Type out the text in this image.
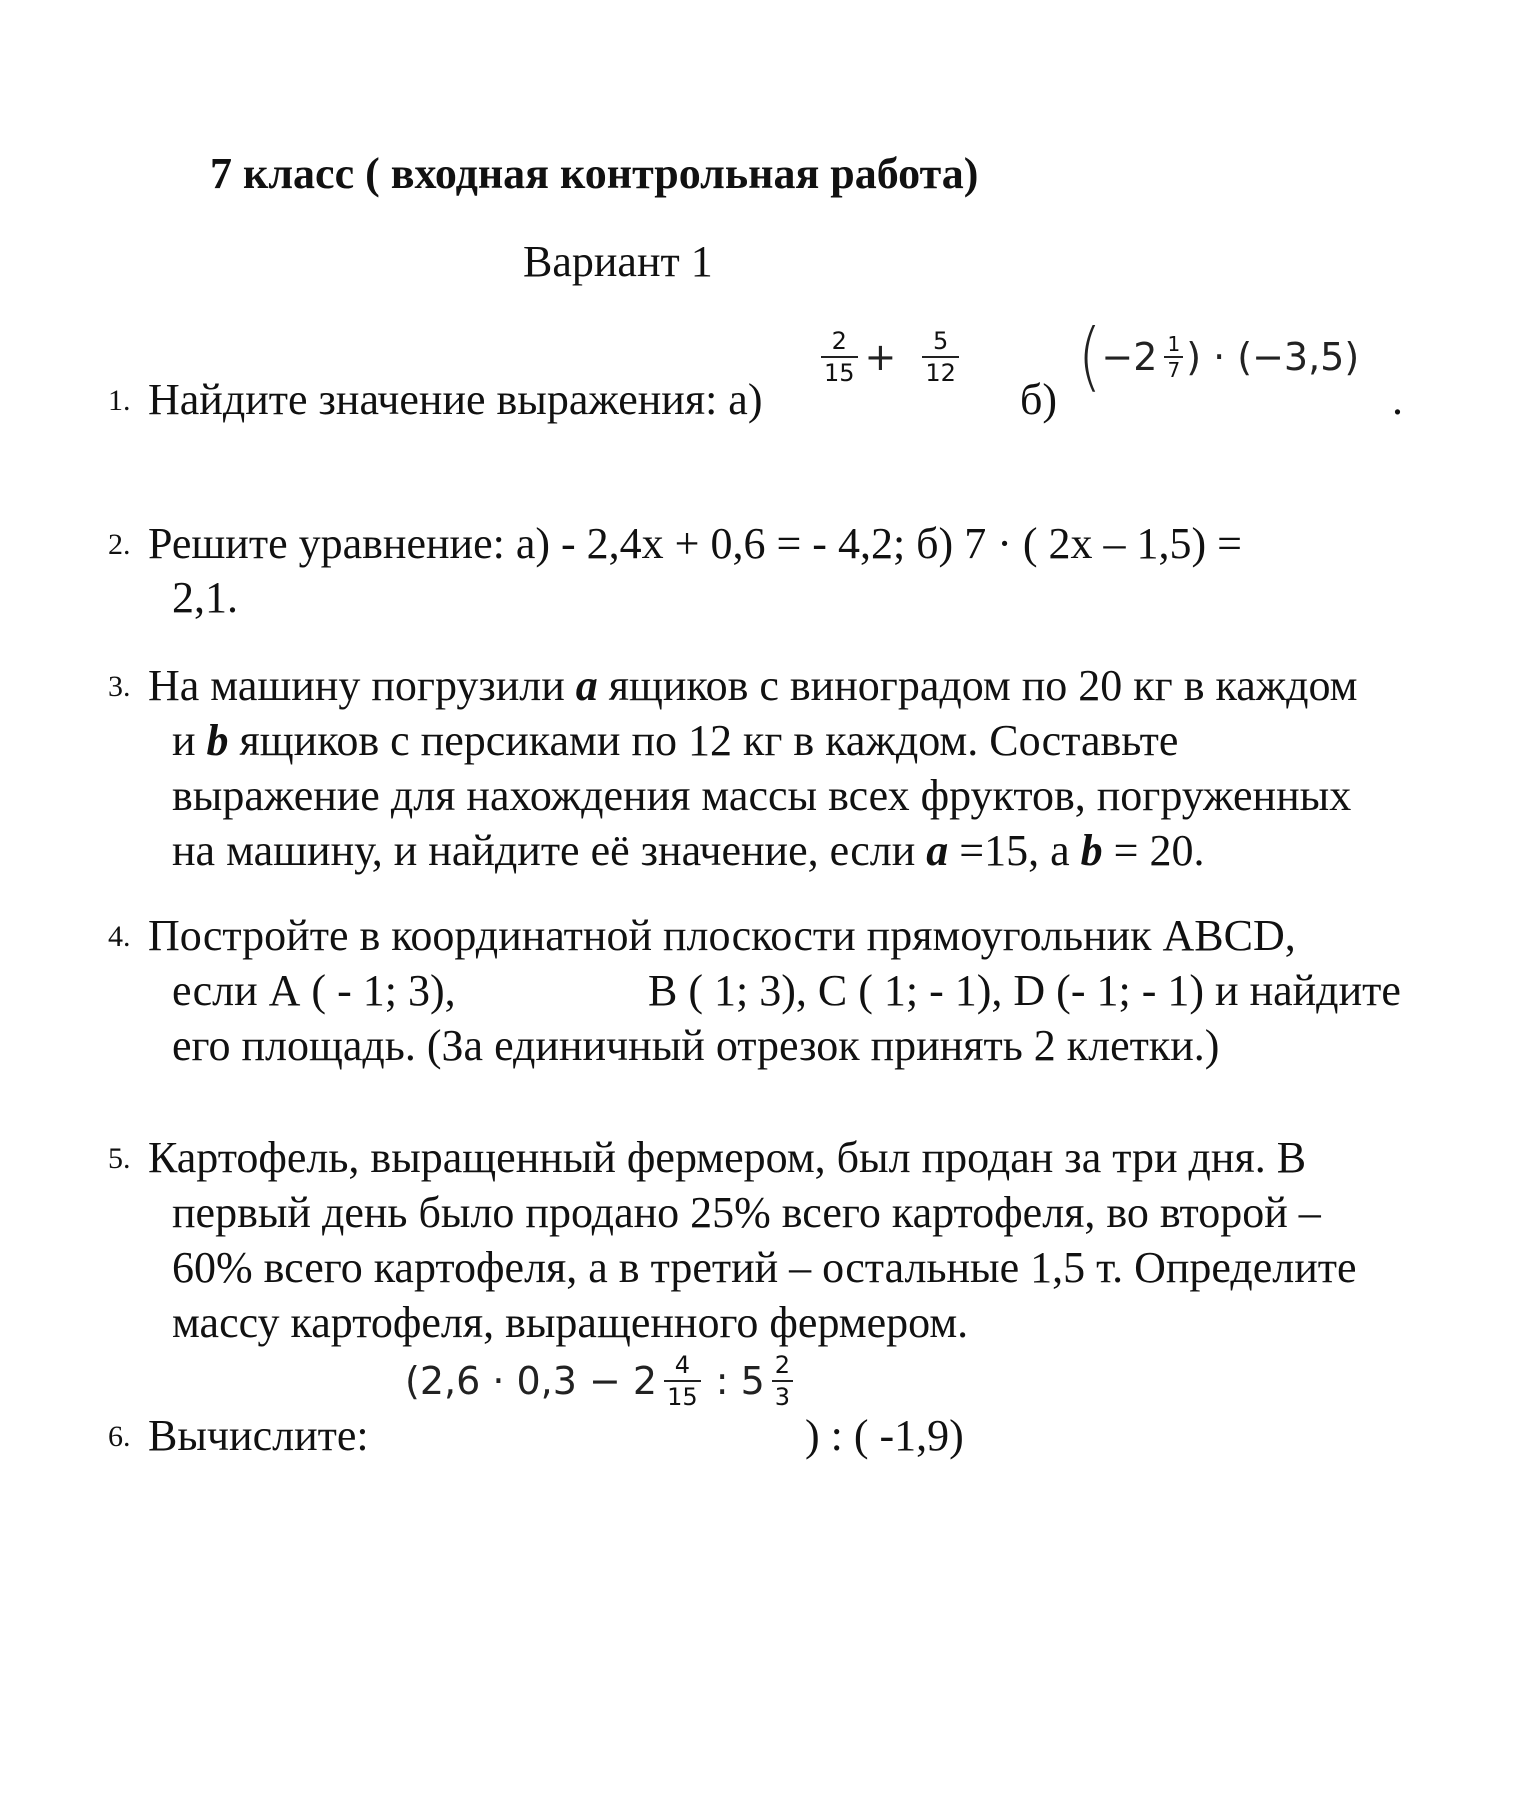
7 класс ( входная контрольная работа)
Вариант 1
1. Найдите значение выражения: а)
$\frac{2}{15} + \frac{5}{12}$
б) ($-2 \frac{1}{7}$ ) · (−3,5)
.
2. Решите уравнение: а) - 2,4х + 0,6 = - 4,2; б) 7 · ( 2х – 1,5) =
2,1.
3. На машину погрузили а ящиков с виноградом по 20 кг в каждом
и b ящиков с персиками по 12 кг в каждом. Составьте
выражение для нахождения массы всех фруктов, погруженных
на машину, и найдите её значение, если а =15, а b = 20.
4. Постройте в координатной плоскости прямоугольник АВСD,
если А ( - 1; 3),	В ( 1; 3), С ( 1; - 1), D (- 1; - 1) и найдите
его площадь. (За единичный отрезок принять 2 клетки.)
5. Картофель, выращенный фермером, был продан за три дня. В
первый день было продано 25% всего картофеля, во второй –
60% всего картофеля, а в третий – остальные 1,5 т. Определите
массу картофеля, выращенного фермером.
6. Вычислите:
($2,6 \cdot 0,3 - 2 \frac{4}{15}$ : $5 \frac{2}{3}$
) : ( -1,9)
